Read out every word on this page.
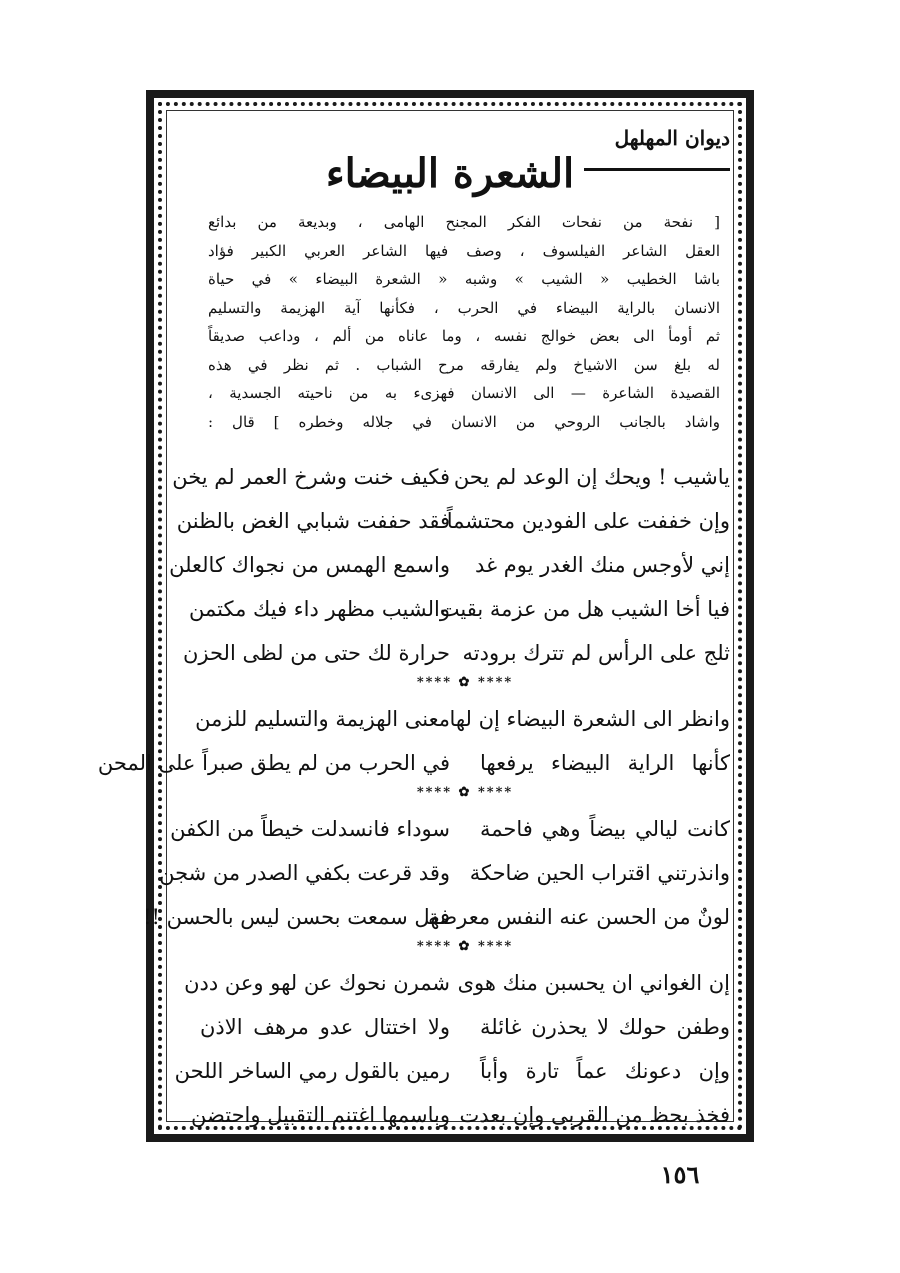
ديوان المهلهل
الشعرة البيضاء
[ نفحة من نفحات الفكر المجنح الهامى ، وبديعة من بدائع
العقل الشاعر الفيلسوف ، وصف فيها الشاعر العربي الكبير فؤاد
باشا الخطيب « الشيب » وشبه « الشعرة البيضاء » في حياة
الانسان بالراية البيضاء في الحرب ، فكأنها آية الهزيمة والتسليم
ثم أومأ الى بعض خوالج نفسه ، وما عاناه من ألم ، وداعب صديقاً
له بلغ سن الاشياخ ولم يفارقه مرح الشباب . ثم نظر في هذه
القصيدة الشاعرة — الى الانسان فهزىء به من ناحيته الجسدية ،
واشاد بالجانب الروحي من الانسان في جلاله وخطره ] قال :
ياشيب ! ويحك إن الوعد لم يحن
فكيف خنت وشرخ العمر لم يخن
وإن خففت على الفودين محتشماً
فقد حففت شبابي الغض بالظنن
إني لأوجس منك الغدر يوم غد
واسمع الهمس من نجواك كالعلن
فيا أخا الشيب هل من عزمة بقيت
والشيب مظهر داء فيك مكتمن
ثلج على الرأس لم تترك برودته
حرارة لك حتى من لظى الحزن
**** ✿ ****
وانظر الى الشعرة البيضاء إن لها
معنى الهزيمة والتسليم للزمن
كأنها الراية البيضاء يرفعها
في الحرب من لم يطق صبراً على المحن
**** ✿ ****
كانت ليالي بيضاً وهي فاحمة
سوداء فانسدلت خيطاً من الكفن
وانذرتني اقتراب الحين ضاحكة
وقد قرعت بكفي الصدر من شجن
لونٌ من الحسن عنه النفس معرضة
فهل سمعت بحسن ليس بالحسن !!
**** ✿ ****
إن الغواني ان يحسبن منك هوى
شمرن نحوك عن لهو وعن ددن
وطفن حولك لا يحذرن غائلة
ولا اختتال عدو مرهف الاذن
وإن دعونك عماً تارة وأباً
رمين بالقول رمي الساخر اللحن
فخذ بحظ من القربى وإن بعدت
وباسمها اغتنم التقبيل واحتضن
١٥٦
